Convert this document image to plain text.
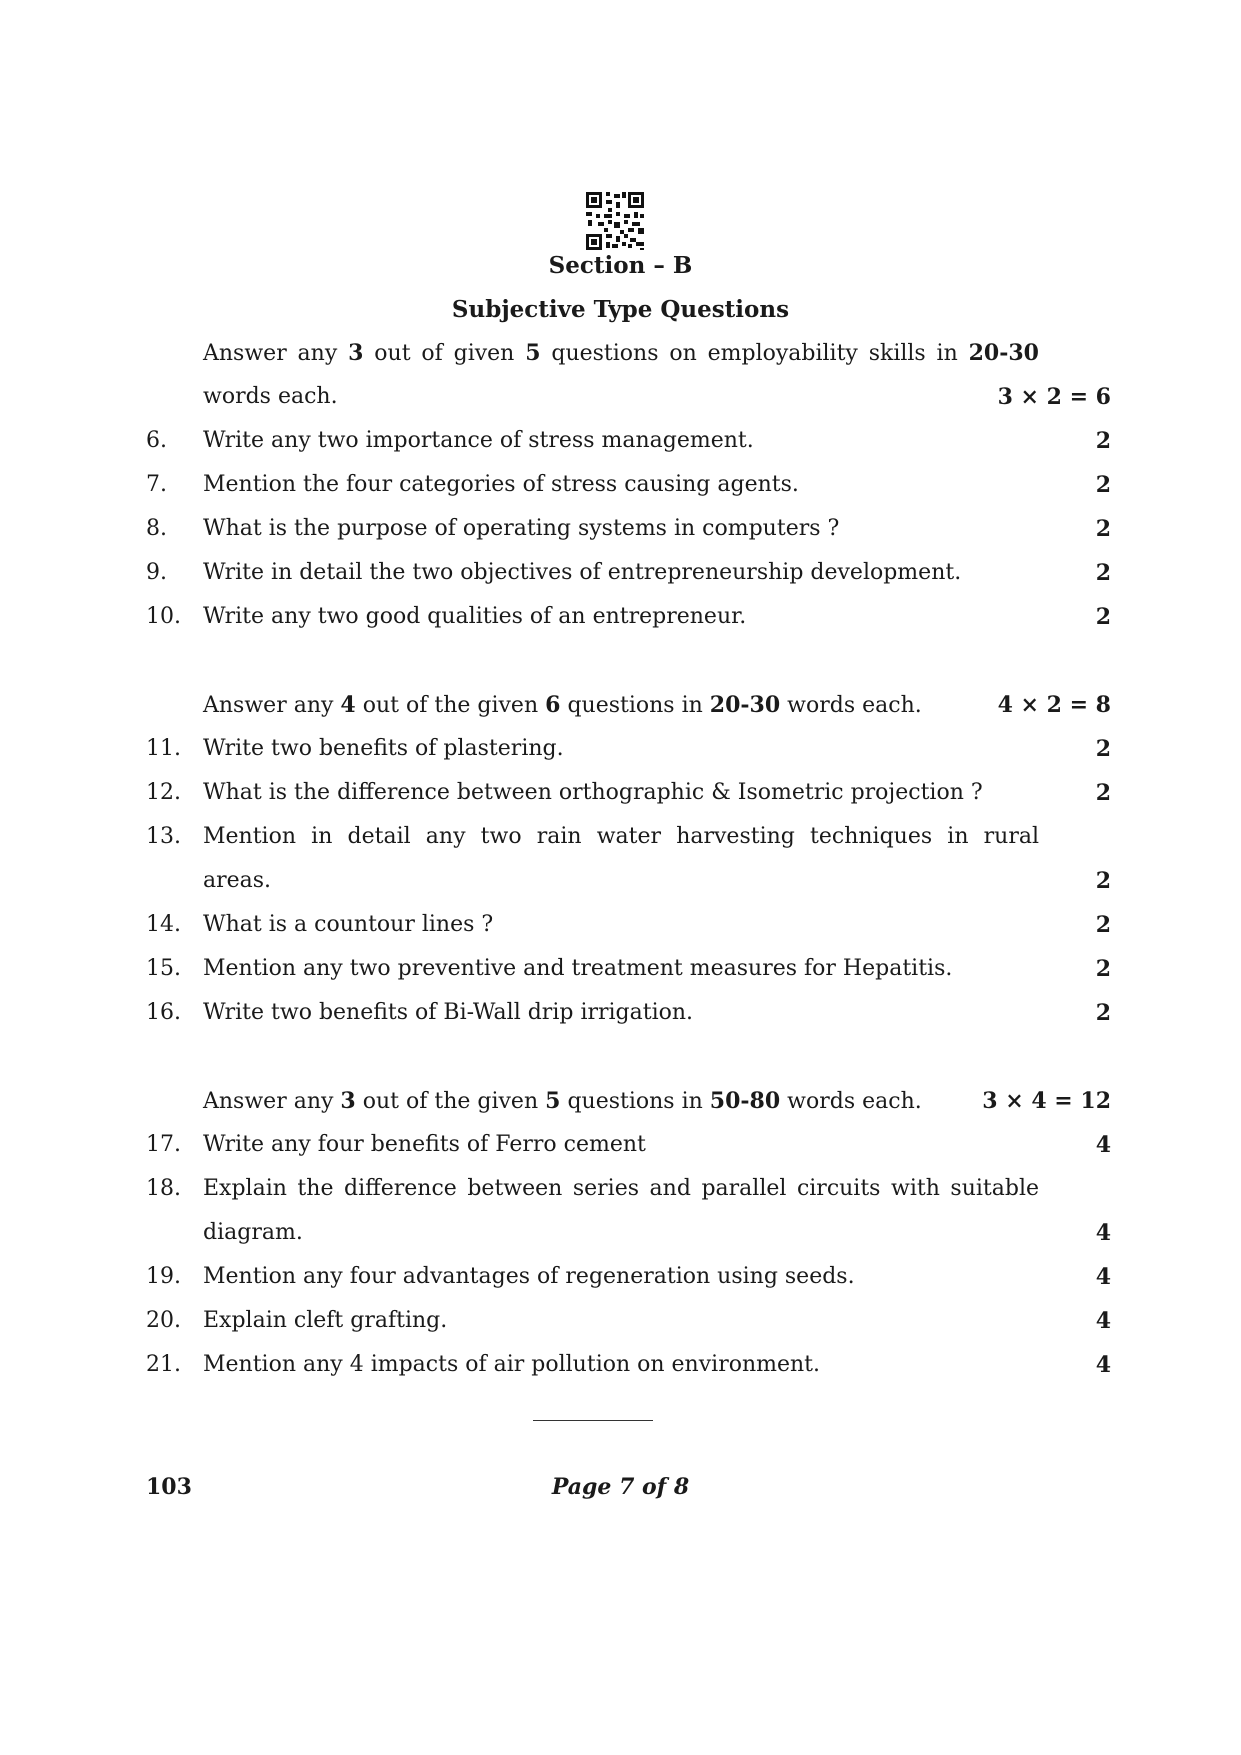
Section – B
Subjective Type Questions
Answer any 3 out of given 5 questions on employability skills in 20-30
words each.	3 × 2 = 6
6.	Write any two importance of stress management.	2
7.	Mention the four categories of stress causing agents.	2
8.	What is the purpose of operating systems in computers ?	2
9.	Write in detail the two objectives of entrepreneurship development.	2
10.	Write any two good qualities of an entrepreneur.	2
Answer any 4 out of the given 6 questions in 20-30 words each.	4 × 2 = 8
11.	Write two benefits of plastering.	2
12.	What is the difference between orthographic & Isometric projection ?	2
13.	Mention in detail any two rain water harvesting techniques in rural
areas.	2
14.	What is a countour lines ?	2
15.	Mention any two preventive and treatment measures for Hepatitis.	2
16.	Write two benefits of Bi-Wall drip irrigation.	2
Answer any 3 out of the given 5 questions in 50-80 words each.	3 × 4 = 12
17.	Write any four benefits of Ferro cement	4
18.	Explain the difference between series and parallel circuits with suitable
diagram.	4
19.	Mention any four advantages of regeneration using seeds.	4
20.	Explain cleft grafting.	4
21.	Mention any 4 impacts of air pollution on environment.	4
103	Page 7 of 8
